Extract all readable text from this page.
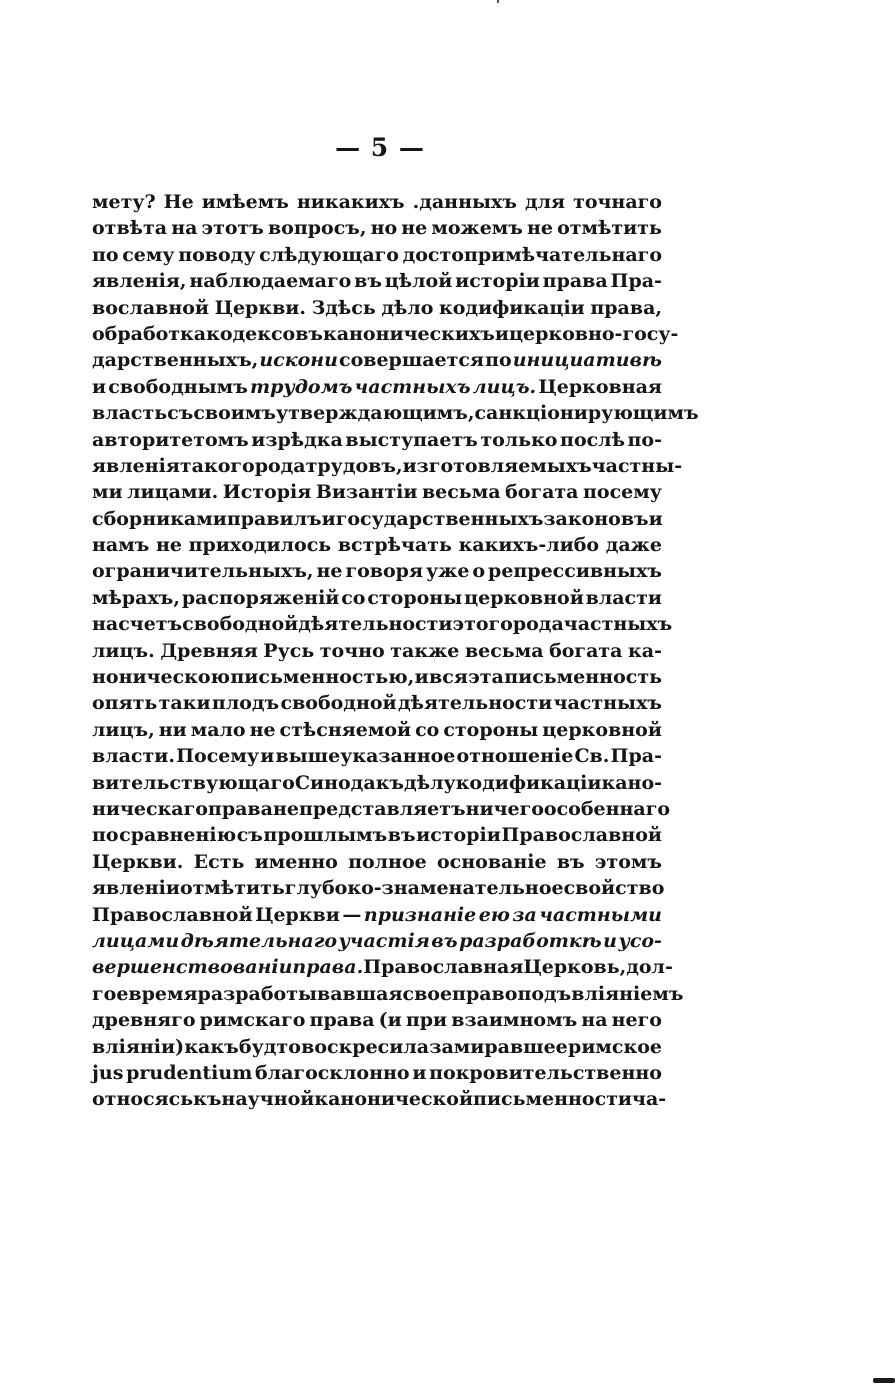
— 5 —
мету? Не имѣемъ никакихъ .данныхъ для точнаго
отвѣта на этотъ вопросъ, но не можемъ не отмѣтить
по сему поводу слѣдующаго достопримѣчательнаго
явленія, наблюдаемаго въ цѣлой исторіи права Пра-
вославной Церкви. Здѣсь дѣло кодификаціи права,
обработка кодексовъ каноническихъ и церковно-госу-
дарственныхъ, искони совершается по инициативѣ
и свободнымъ трудомъ частныхъ лицъ. Церковная
власть съ своимъ утверждающимъ, санкціонирующимъ
авторитетомъ изрѣдка выступаетъ только послѣ по-
явленія такого рода трудовъ, изготовляемыхъ частны-
ми лицами. Исторія Византіи весьма богата посему
сборниками правилъ и государственныхъ законовъ и
намъ не приходилось встрѣчать какихъ-либо даже
ограничительныхъ, не говоря уже о репрессивныхъ
мѣрахъ, распоряженій со стороны церковной власти
на счетъ свободной дѣятельности этого рода частныхъ
лицъ. Древняя Русь точно также весьма богата ка-
ноническою письменностью, и вся эта письменность
опять таки плодъ свободной дѣятельности частныхъ
лицъ, ни мало не стѣсняемой со стороны церковной
власти. Посему и вышеуказанное отношеніе Св. Пра-
вительствующаго Синода къ дѣлу кодификаціи кано-
ническаго права не представляетъ ничего особеннаго
по сравненію съ прошлымъ въ исторіи Православной
Церкви. Есть именно полное основаніе въ этомъ
явленіи отмѣтить глубоко-знаменательное свойство
Православной Церкви — признаніе ею за частными
лицами дѣятельнаго участія въ разработкѣ и усо-
вершенствованіи права. Православная Церковь, дол-
гое время разработывавшая свое право подъ вліяніемъ
древняго римскаго права (и при взаимномъ на него
вліяніи) какъ будто воскресила замиравшее римское
jus prudentium благосклонно и покровительственно
относясь къ научной канонической письменности ча-
